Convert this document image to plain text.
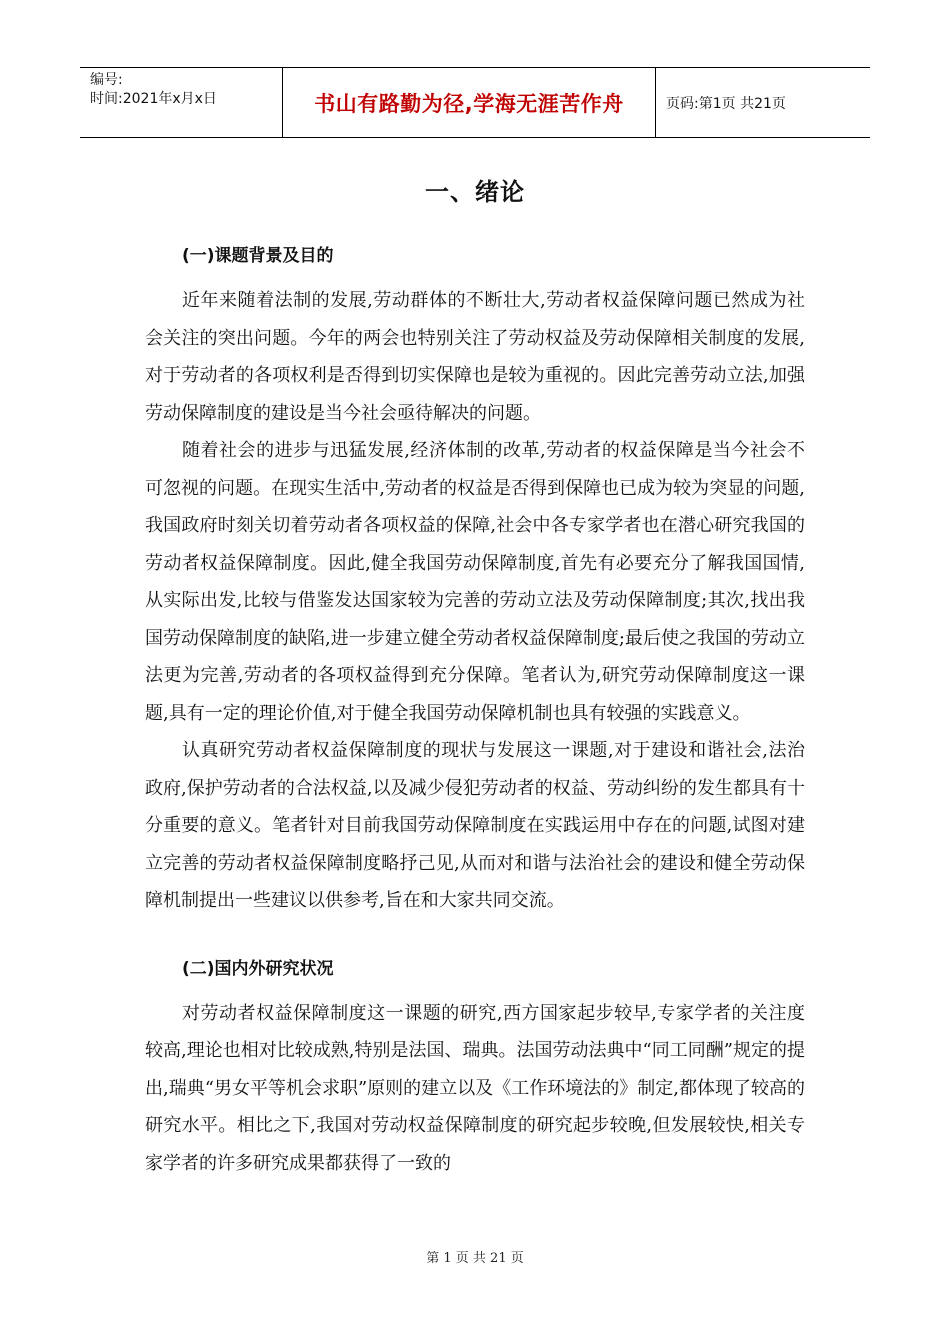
编号:
时间:2021年x月x日	书山有路勤为径,学海无涯苦作舟	页码:第1页 共21页
一、绪论
(一)课题背景及目的

近年来随着法制的发展,劳动群体的不断壮大,劳动者权益保障问题已然成为社会关注的突出问题。今年的两会也特别关注了劳动权益及劳动保障相关制度的发展,对于劳动者的各项权利是否得到切实保障也是较为重视的。因此完善劳动立法,加强劳动保障制度的建设是当今社会亟待解决的问题。

随着社会的进步与迅猛发展,经济体制的改革,劳动者的权益保障是当今社会不可忽视的问题。在现实生活中,劳动者的权益是否得到保障也已成为较为突显的问题,我国政府时刻关切着劳动者各项权益的保障,社会中各专家学者也在潜心研究我国的劳动者权益保障制度。因此,健全我国劳动保障制度,首先有必要充分了解我国国情,从实际出发,比较与借鉴发达国家较为完善的劳动立法及劳动保障制度;其次,找出我国劳动保障制度的缺陷,进一步建立健全劳动者权益保障制度;最后使之我国的劳动立法更为完善,劳动者的各项权益得到充分保障。笔者认为,研究劳动保障制度这一课题,具有一定的理论价值,对于健全我国劳动保障机制也具有较强的实践意义。

认真研究劳动者权益保障制度的现状与发展这一课题,对于建设和谐社会,法治政府,保护劳动者的合法权益,以及减少侵犯劳动者的权益、劳动纠纷的发生都具有十分重要的意义。笔者针对目前我国劳动保障制度在实践运用中存在的问题,试图对建立完善的劳动者权益保障制度略抒己见,从而对和谐与法治社会的建设和健全劳动保障机制提出一些建议以供参考,旨在和大家共同交流。

(二)国内外研究状况

对劳动者权益保障制度这一课题的研究,西方国家起步较早,专家学者的关注度较高,理论也相对比较成熟,特别是法国、瑞典。法国劳动法典中“同工同酬”规定的提出,瑞典“男女平等机会求职”原则的建立以及《工作环境法的》制定,都体现了较高的研究水平。相比之下,我国对劳动权益保障制度的研究起步较晚,但发展较快,相关专家学者的许多研究成果都获得了一致的

第 1 页 共 21 页
